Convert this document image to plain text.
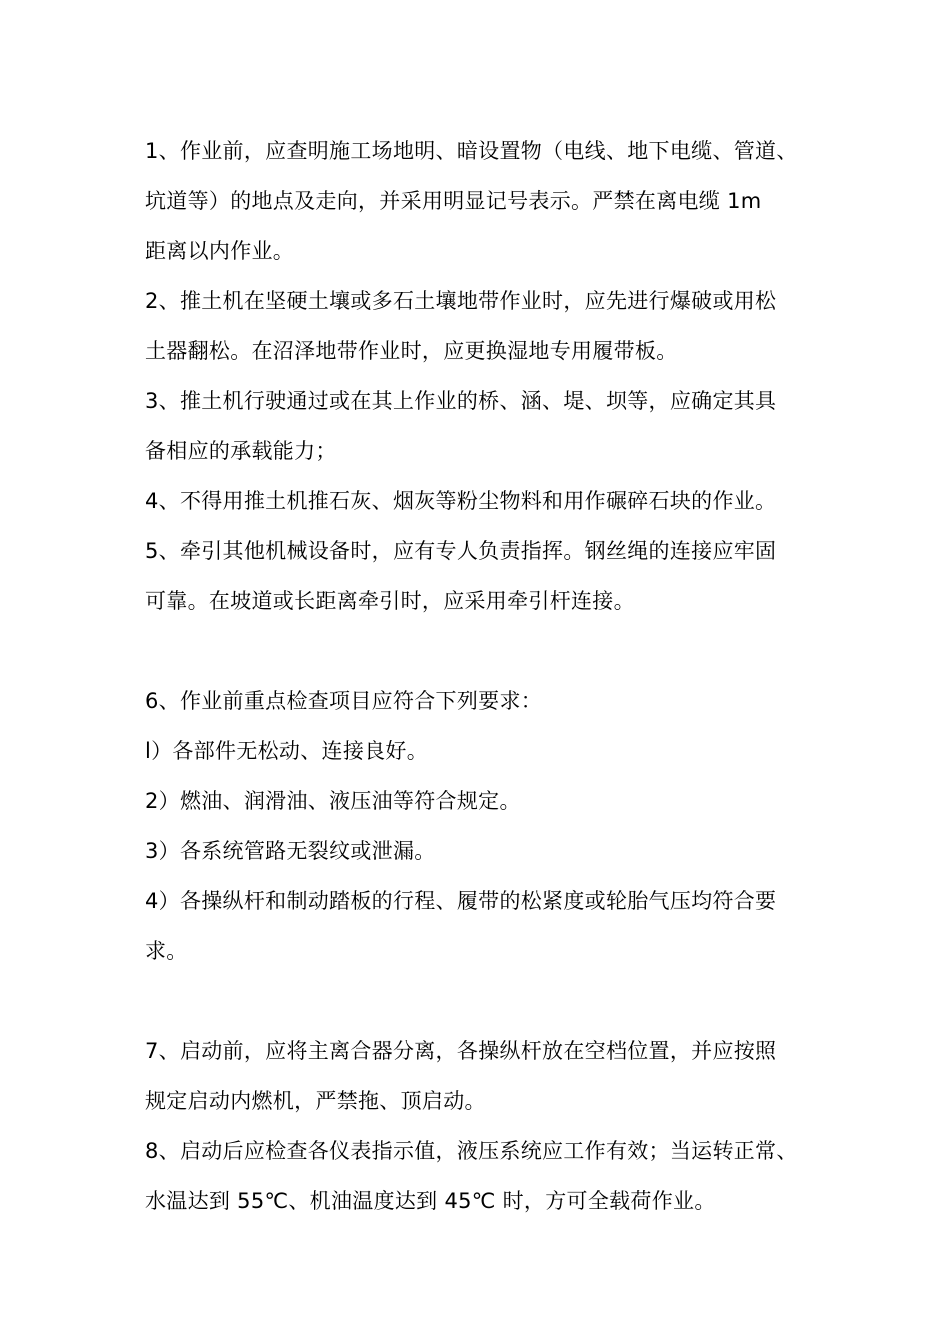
1、作业前，应查明施工场地明、暗设置物（电线、地下电缆、管道、
坑道等）的地点及走向，并采用明显记号表示。严禁在离电缆 1m
距离以内作业。
2、推土机在坚硬土壤或多石土壤地带作业时，应先进行爆破或用松
土器翻松。在沼泽地带作业时，应更换湿地专用履带板。
3、推土机行驶通过或在其上作业的桥、涵、堤、坝等，应确定其具
备相应的承载能力；
4、不得用推土机推石灰、烟灰等粉尘物料和用作碾碎石块的作业。
5、牵引其他机械设备时，应有专人负责指挥。钢丝绳的连接应牢固
可靠。在坡道或长距离牵引时，应采用牵引杆连接。
6、作业前重点检查项目应符合下列要求：
l）各部件无松动、连接良好。
2）燃油、润滑油、液压油等符合规定。
3）各系统管路无裂纹或泄漏。
4）各操纵杆和制动踏板的行程、履带的松紧度或轮胎气压均符合要
求。
7、启动前，应将主离合器分离，各操纵杆放在空档位置，并应按照
规定启动内燃机，严禁拖、顶启动。
8、启动后应检查各仪表指示值，液压系统应工作有效；当运转正常、
水温达到 55℃、机油温度达到 45℃ 时，方可全载荷作业。
